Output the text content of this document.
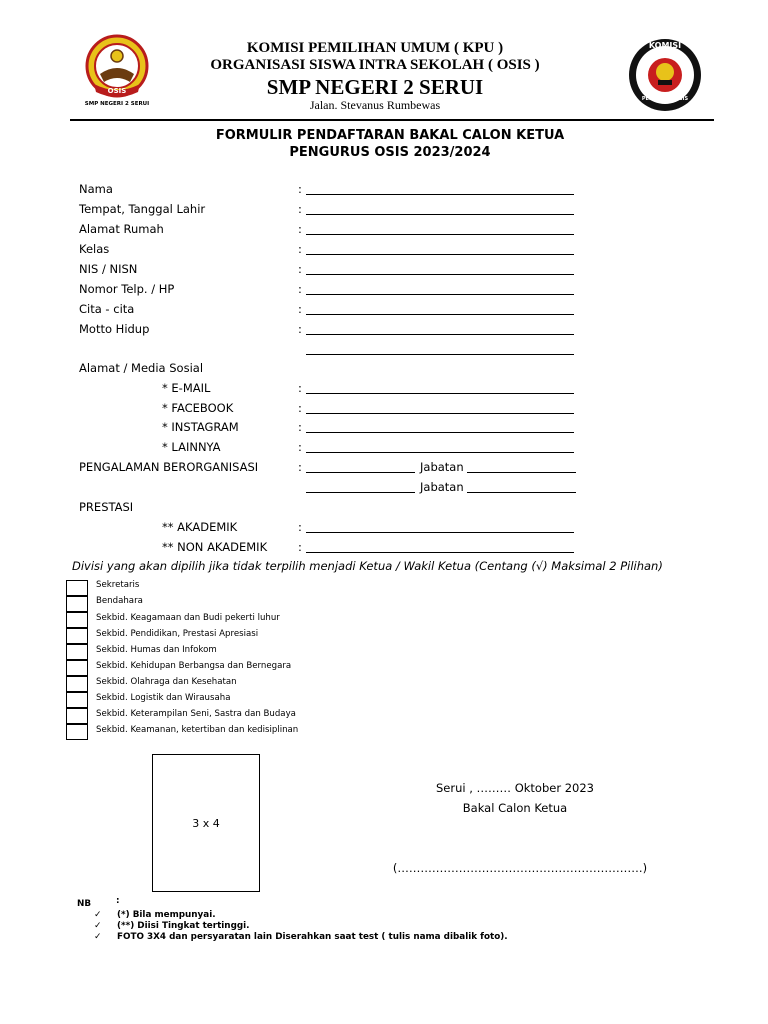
OSIS
SMP NEGERI 2 SERUI
KOMISI PEMILIHAN UMUM ( KPU )
ORGANISASI SISWA INTRA SEKOLAH ( OSIS )
SMP NEGERI 2 SERUI
Jalan. Stevanus Rumbewas
KOMISI
PEMILIHAN OSIS
FORMULIR PENDAFTARAN BAKAL CALON KETUA
PENGURUS OSIS 2023/2024
Nama	:
Tempat, Tanggal Lahir	:
Alamat Rumah	:
Kelas	:
NIS / NISN	:
Nomor Telp. / HP	:
Cita - cita	:
Motto Hidup	:
Alamat / Media Sosial
* E-MAIL	:
* FACEBOOK	:
* INSTAGRAM	:
* LAINNYA	:
PENGALAMAN BERORGANISASI	:	Jabatan
Jabatan
PRESTASI
** AKADEMIK	:
** NON AKADEMIK	:
Divisi yang akan dipilih jika tidak terpilih menjadi Ketua / Wakil Ketua (Centang (√) Maksimal 2 Pilihan)
Sekretaris
Bendahara
Sekbid. Keagamaan dan Budi pekerti luhur
Sekbid. Pendidikan, Prestasi Apresiasi
Sekbid. Humas dan Infokom
Sekbid. Kehidupan Berbangsa dan Bernegara
Sekbid. Olahraga dan Kesehatan
Sekbid. Logistik dan Wirausaha
Sekbid. Keterampilan Seni, Sastra dan Budaya
Sekbid. Keamanan, ketertiban dan kedisiplinan
3 x 4
Serui , ……… Oktober 2023
Bakal Calon Ketua
(……………………………………………………….)
NB	:
✓ (*) Bila mempunyai.
✓ (**) Diisi Tingkat tertinggi.
✓ FOTO 3X4 dan persyaratan lain Diserahkan saat test ( tulis nama dibalik foto).
